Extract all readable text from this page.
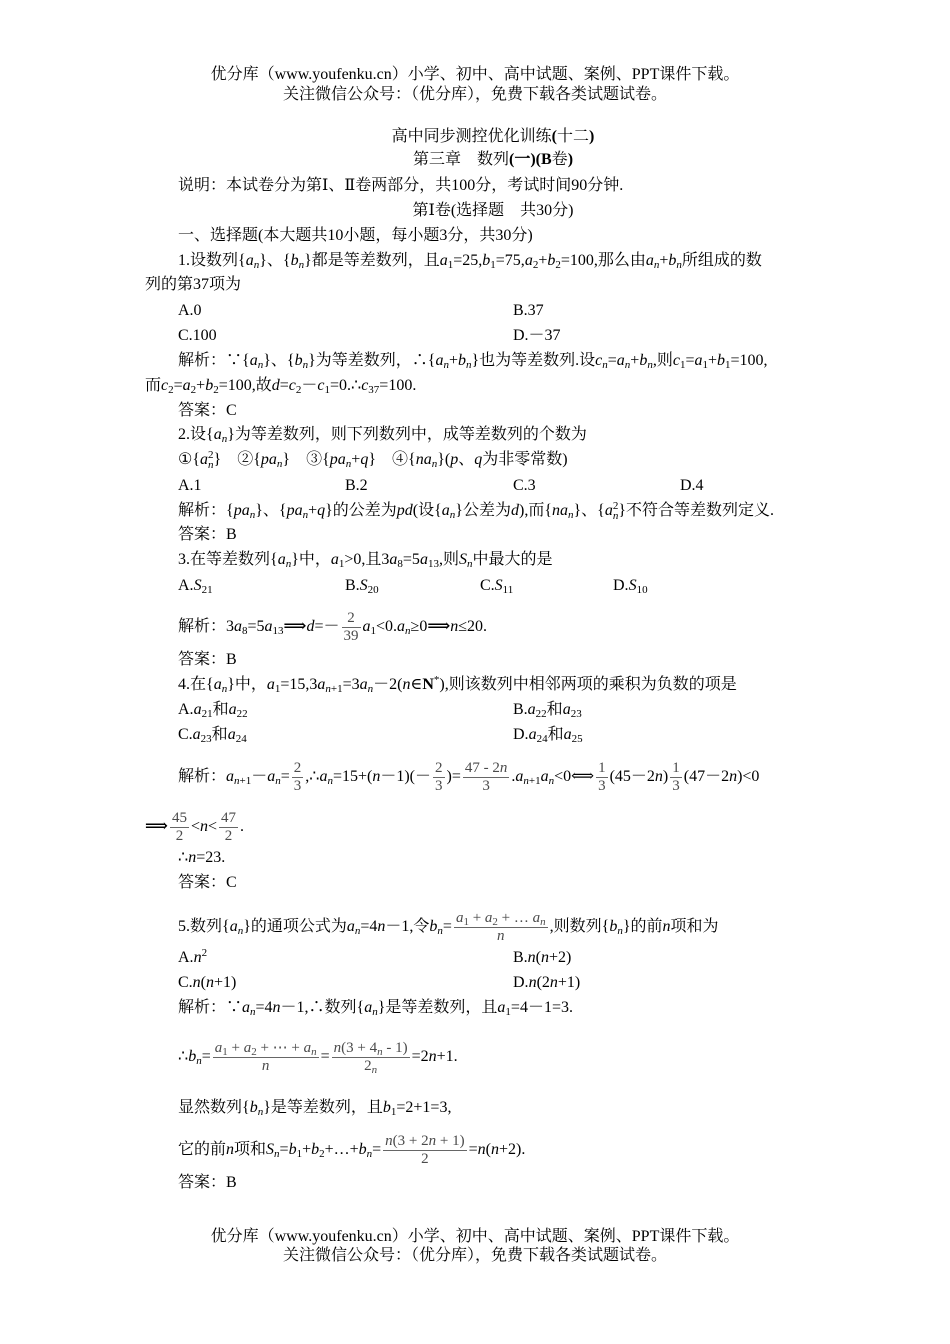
优分库（www.youfenku.cn）小学、初中、高中试题、案例、PPT课件下载。
关注微信公众号：（优分库），免费下载各类试题试卷。
高中同步测控优化训练(十二)
第三章　数列(一)(B卷)
说明：本试卷分为第Ⅰ、Ⅱ卷两部分，共100分，考试时间90分钟.
第Ⅰ卷(选择题　共30分)
一、选择题(本大题共10小题，每小题3分，共30分)
1.设数列{an}、{bn}都是等差数列，且a1=25,b1=75,a2+b2=100,那么由an+bn所组成的数
列的第37项为
A.0	B.37
C.100	D.－37
解析：∵{an}、{bn}为等差数列，∴{an+bn}也为等差数列.设cn=an+bn,则c1=a1+b1=100,
而c2=a2+b2=100,故d=c2－c1=0.∴c37=100.
答案：C
2.设{an}为等差数列，则下列数列中，成等差数列的个数为
①{a 2
n }　②{pan}　③{pan+q}　④{nan}(p、q为非零常数)
A.1	B.2	C.3	D.4
解析：{pan}、{pan+q}的公差为pd(设{an}公差为d),而{nan}、{a 2
n }不符合等差数列定义.
答案：B
3.在等差数列{an}中，a1>0,且3a8=5a13,则Sn中最大的是
A.S21	B.S20	C.S11	D.S10
解析：3a8=5a13⟹d=－ $\frac{2}{39}$ a1<0.an≥0⟹n≤20.
答案：B
4.在{an}中，a1=15,3an+1=3an－2(n∈N*),则该数列中相邻两项的乘积为负数的项是
A.a21和a22	B.a22和a23
C.a23和a24	D.a24和a25
解析：$an+1-an= \frac{2}{3}$ ,∴an=15+(n－1)(－ $\frac{2}{3}$ )= $\frac{47 - 2n}{3}$ .an+1an<0⟺ $\frac{1}{3} (45-2n) \frac{1}{3} (47-2n)<0$
⟹ $\frac{45}{2} <n< \frac{47}{2}$ .
∴n=23.
答案：C
5.数列{an}的通项公式为an=4n－1,令$bn= \frac{a_1 + a_2 + \dots a_n}{n}$ ,则数列{bn}的前n项和为
$A.n^2$	B.n(n+2)
C.n(n+1)	D.n(2n+1)
解析：∵an=4n－1,∴数列{an}是等差数列，且a1=4－1=3.
∴bn= $\frac{a_1 + a_2 + \cdots + a_n}{n} = \frac{n(3 + 4_n - 1)}{2_n} =2n+1$.
显然数列{bn}是等差数列，且b1=2+1=3,
它的前n项和Sn=b1+b2+…+bn= $\frac{n(3 + 2n + 1)}{2} =n(n+2)$.
答案：B
优分库（www.youfenku.cn）小学、初中、高中试题、案例、PPT课件下载。
关注微信公众号：（优分库），免费下载各类试题试卷。
